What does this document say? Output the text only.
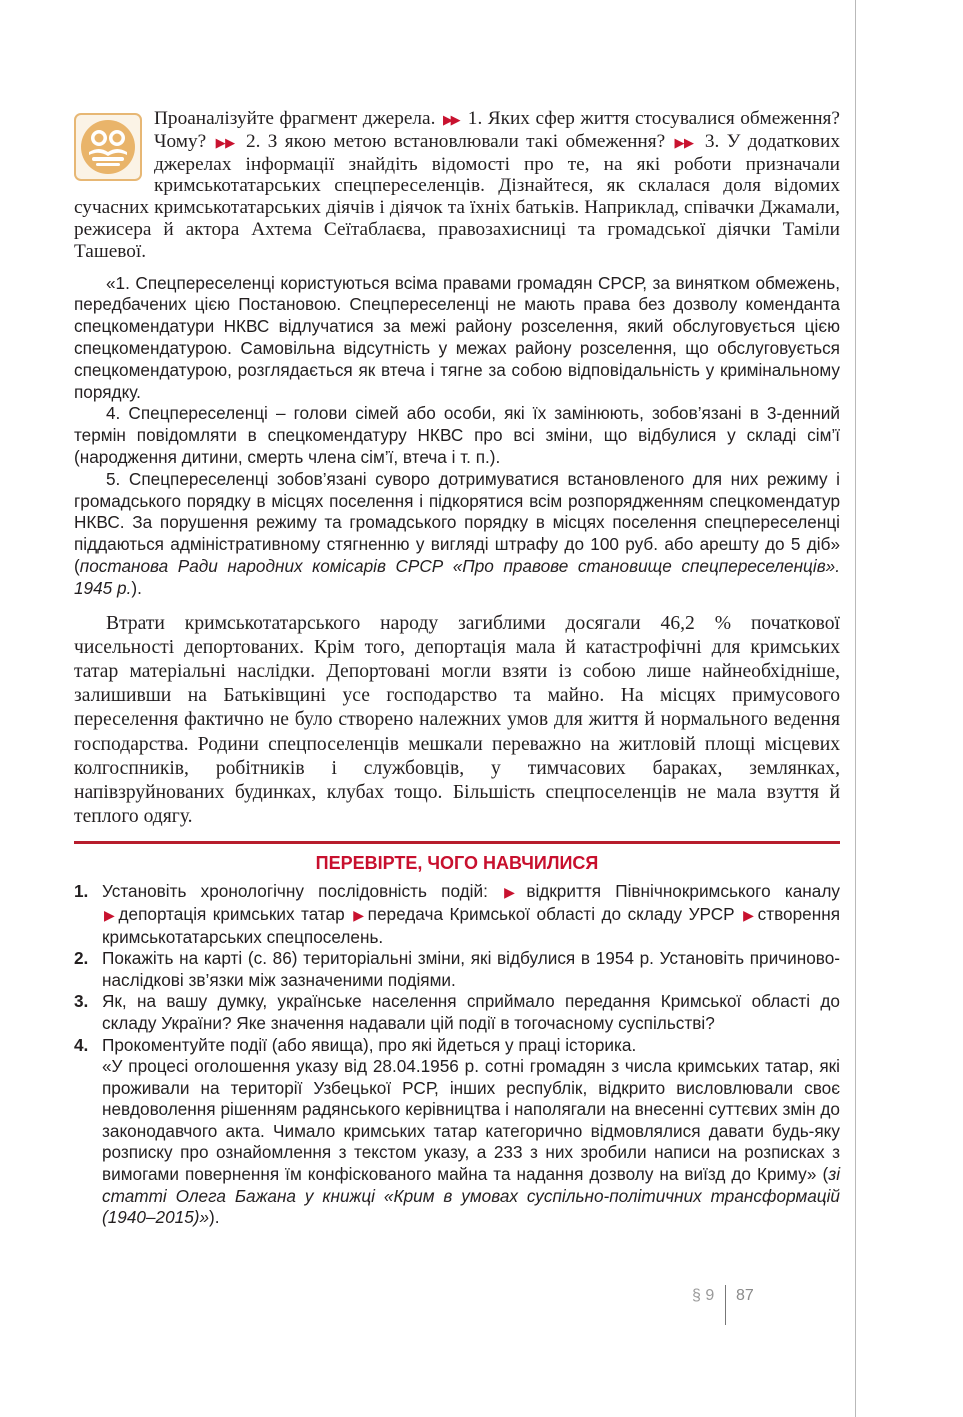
Проаналізуйте фрагмент джерела. ▶▶ 1. Яких сфер життя стосувалися обмеження? Чому? ▶▶ 2. З якою метою встановлювали такі обмеження? ▶▶ 3. У додаткових джерелах інформації знайдіть відомості про те, на які роботи призначали кримськотатарських спецпереселенців. Дізнайтеся, як склалася доля відомих сучасних кримськотатарських діячів і діячок та їхніх батьків. Наприклад, співачки Джамали, режисера й актора Ахтема Сеїтаблаєва, правозахисниці та громадської діячки Таміли Ташевої.

«1. Спецпереселенці користуються всіма правами громадян СРСР, за винятком обмежень, передбачених цією Постановою. Спецпереселенці не мають права без дозволу коменданта спецкомендатури НКВС відлучатися за межі району розселення, який обслуговується цією спецкомендатурою. Самовільна відсутність у межах району розселення, що обслуговується спецкомендатурою, розглядається як втеча і тягне за собою відповідальність у кримінальному порядку.

4. Спецпереселенці – голови сімей або особи, які їх замінюють, зобов’язані в 3-денний термін повідомляти в спецкомендатуру НКВС про всі зміни, що відбулися у складі сім’ї (народження дитини, смерть члена сім’ї, втеча і т. п.).

5. Спецпереселенці зобов’язані суворо дотримуватися встановленого для них режиму і громадського порядку в місцях поселення і підкорятися всім розпорядженням спецкомендатур НКВС. За порушення режиму та громадського порядку в місцях поселення спецпереселенці піддаються адміністративному стягненню у вигляді штрафу до 100 руб. або арешту до 5 діб» (постанова Ради народних комісарів СРСР «Про правове становище спецпереселенців». 1945 р.).

Втрати кримськотатарського народу загиблими досягали 46,2 % початкової чисельності депортованих. Крім того, депортація мала й катастрофічні для кримських татар матеріальні наслідки. Депортовані могли взяти із собою лише найнеобхідніше, залишивши на Батьківщині усе господарство та майно. На місцях примусового переселення фактично не було створено належних умов для життя й нормального ведення господарства. Родини спецпоселенців мешкали переважно на житловій площі місцевих колгоспників, робітників і службовців, у тимчасових бараках, землянках, напівзруйнованих будинках, клубах тощо. Більшість спецпоселенців не мала взуття й теплого одягу.

ПЕРЕВІРТЕ, ЧОГО НАВЧИЛИСЯ
1. Установіть хронологічну послідовність подій: ▶ відкриття Північнокримського каналу ▶ депортація кримських татар ▶ передача Кримської області до складу УРСР ▶ створення кримськотатарських спецпоселень.
2. Покажіть на карті (с. 86) територіальні зміни, які відбулися в 1954 р. Установіть причиново-наслідкові зв’язки між зазначеними подіями.
3. Як, на вашу думку, українське населення сприймало передання Кримської області до складу України? Яке значення надавали цій події в тогочасному суспільстві?
4. Прокоментуйте події (або явища), про які йдеться у праці історика.
«У процесі оголошення указу від 28.04.1956 р. сотні громадян з числа кримських татар, які проживали на території Узбецької РСР, інших республік, відкрито висловлювали своє невдоволення рішенням радянського керівництва і наполягали на внесенні суттєвих змін до законодавчого акта. Чимало кримських татар категорично відмовлялися давати будь-яку розписку про ознайомлення з текстом указу, а 233 з них зробили написи на розписках з вимогами повернення їм конфіскованого майна та надання дозволу на виїзд до Криму» (зі статті Олега Бажана у книжці «Крим в умовах суспільно-політичних трансформацій (1940–2015)»).
§ 9 87
